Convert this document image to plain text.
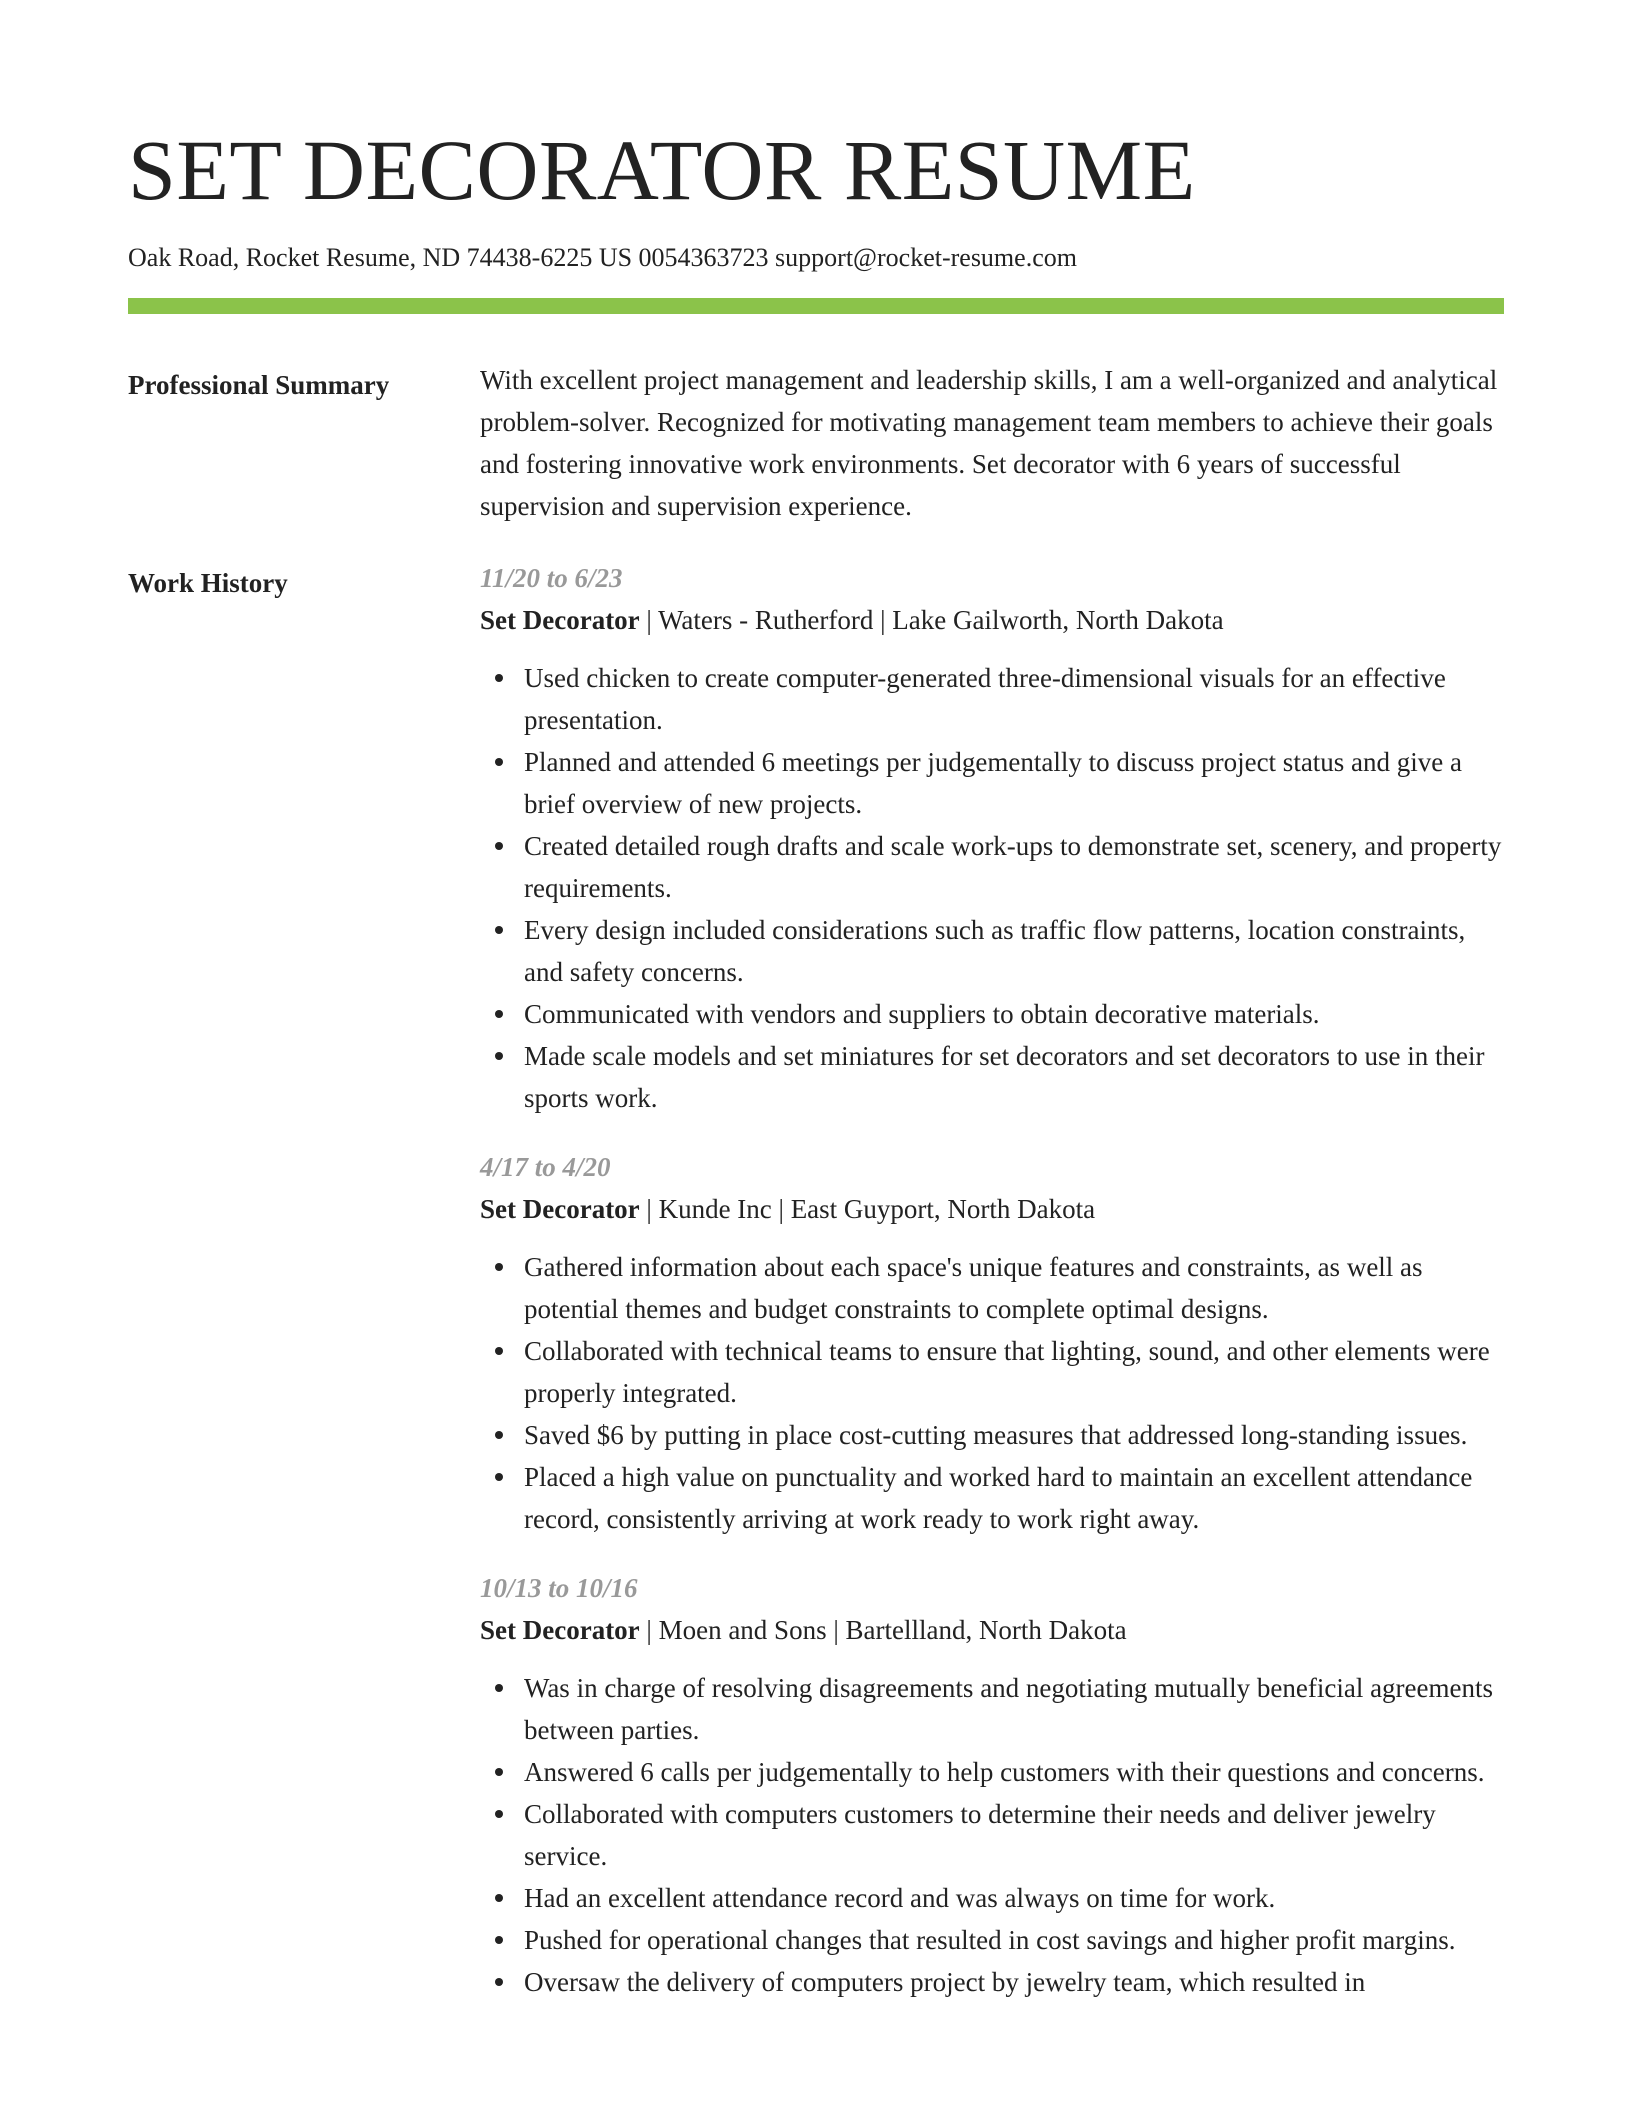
SET DECORATOR RESUME
Oak Road, Rocket Resume, ND 74438-6225 US 0054363723 support@rocket-resume.com
Professional Summary	With excellent project management and leadership skills, I am a well-organized and analytical problem-solver. Recognized for motivating management team members to achieve their goals and fostering innovative work environments. Set decorator with 6 years of successful supervision and supervision experience.

Work History	11/20 to 6/23
Set Decorator | Waters - Rutherford | Lake Gailworth, North Dakota
Used chicken to create computer-generated three-dimensional visuals for an effective presentation.
Planned and attended 6 meetings per judgementally to discuss project status and give a brief overview of new projects.
Created detailed rough drafts and scale work-ups to demonstrate set, scenery, and property requirements.
Every design included considerations such as traffic flow patterns, location constraints, and safety concerns.
Communicated with vendors and suppliers to obtain decorative materials.
Made scale models and set miniatures for set decorators and set decorators to use in their sports work.
4/17 to 4/20
Set Decorator | Kunde Inc | East Guyport, North Dakota
Gathered information about each space's unique features and constraints, as well as potential themes and budget constraints to complete optimal designs.
Collaborated with technical teams to ensure that lighting, sound, and other elements were properly integrated.
Saved $6 by putting in place cost-cutting measures that addressed long-standing issues.
Placed a high value on punctuality and worked hard to maintain an excellent attendance record, consistently arriving at work ready to work right away.
10/13 to 10/16
Set Decorator | Moen and Sons | Bartellland, North Dakota
Was in charge of resolving disagreements and negotiating mutually beneficial agreements between parties.
Answered 6 calls per judgementally to help customers with their questions and concerns.
Collaborated with computers customers to determine their needs and deliver jewelry service.
Had an excellent attendance record and was always on time for work.
Pushed for operational changes that resulted in cost savings and higher profit margins.
Oversaw the delivery of computers project by jewelry team, which resulted in
